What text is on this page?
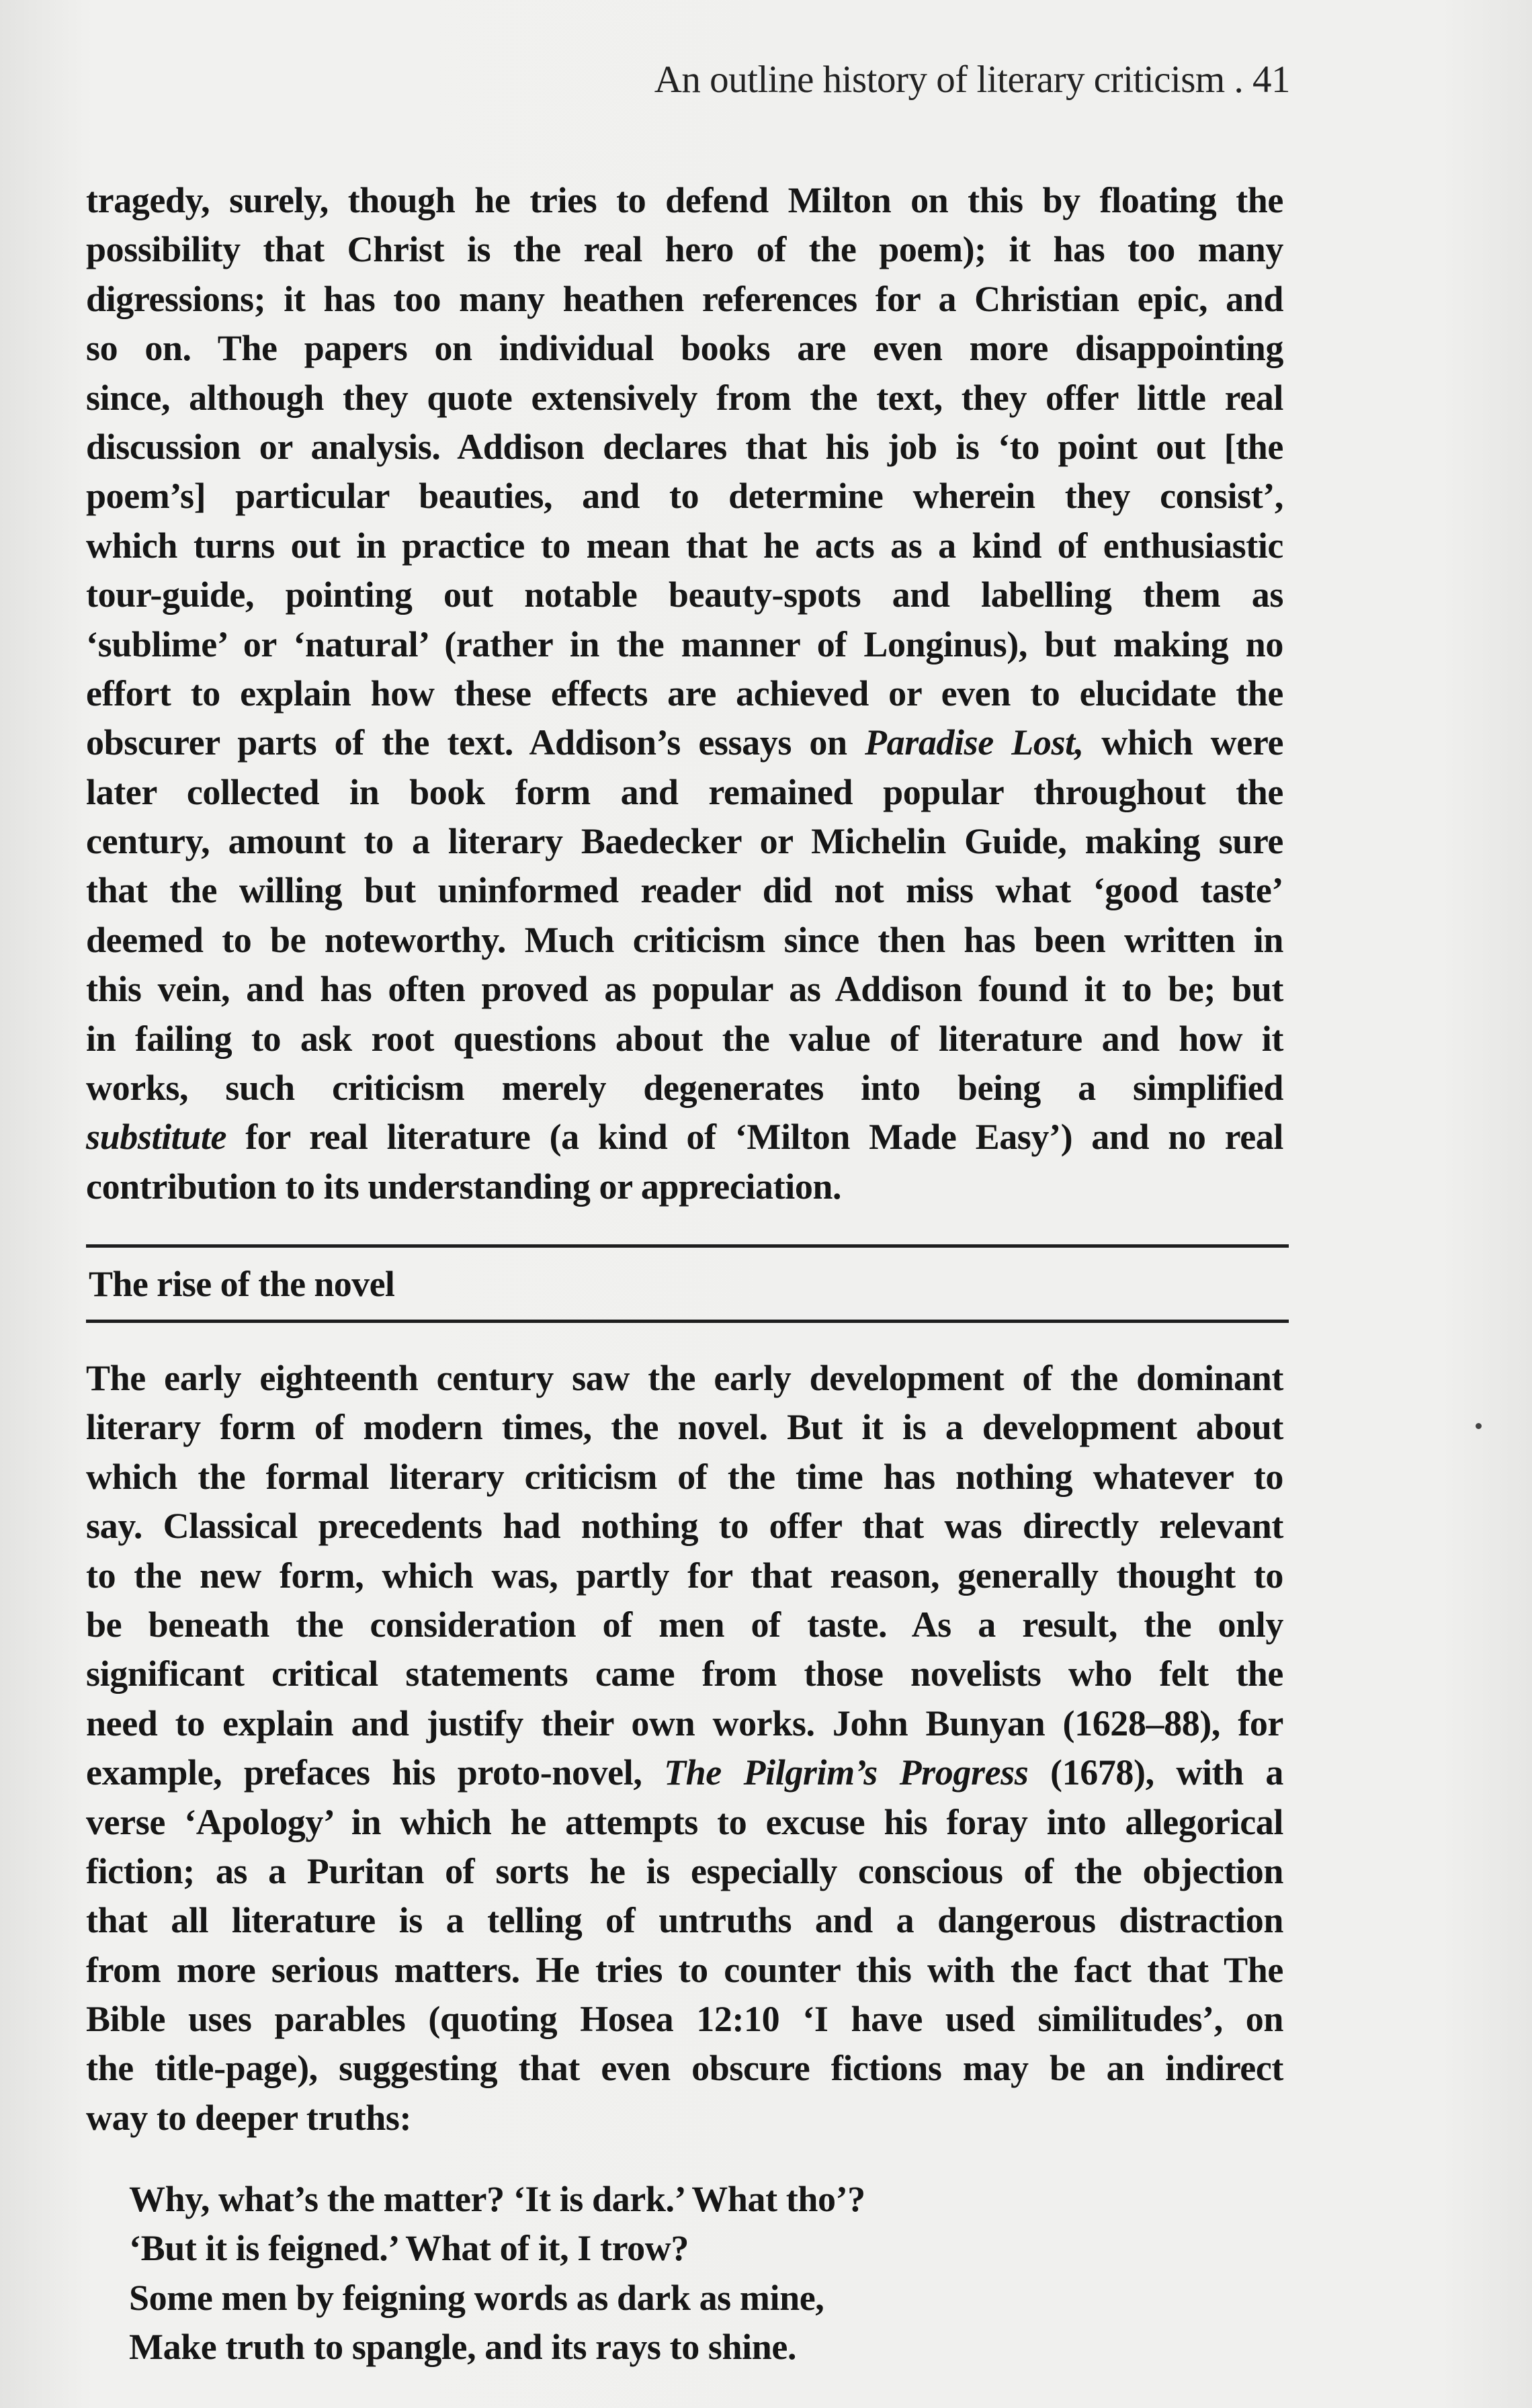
An outline history of literary criticism . 41
tragedy, surely, though he tries to defend Milton on this by floating the
possibility that Christ is the real hero of the poem); it has too many
digressions; it has too many heathen references for a Christian epic, and
so on. The papers on individual books are even more disappointing
since, although they quote extensively from the text, they offer little real
discussion or analysis. Addison declares that his job is ‘to point out [the
poem’s] particular beauties, and to determine wherein they consist’,
which turns out in practice to mean that he acts as a kind of enthusiastic
tour-guide, pointing out notable beauty-spots and labelling them as
‘sublime’ or ‘natural’ (rather in the manner of Longinus), but making no
effort to explain how these effects are achieved or even to elucidate the
obscurer parts of the text. Addison’s essays on Paradise Lost, which were
later collected in book form and remained popular throughout the
century, amount to a literary Baedecker or Michelin Guide, making sure
that the willing but uninformed reader did not miss what ‘good taste’
deemed to be noteworthy. Much criticism since then has been written in
this vein, and has often proved as popular as Addison found it to be; but
in failing to ask root questions about the value of literature and how it
works, such criticism merely degenerates into being a simplified
substitute for real literature (a kind of ‘Milton Made Easy’) and no real
contribution to its understanding or appreciation.
The rise of the novel
The early eighteenth century saw the early development of the dominant
literary form of modern times, the novel. But it is a development about
which the formal literary criticism of the time has nothing whatever to
say. Classical precedents had nothing to offer that was directly relevant
to the new form, which was, partly for that reason, generally thought to
be beneath the consideration of men of taste. As a result, the only
significant critical statements came from those novelists who felt the
need to explain and justify their own works. John Bunyan (1628–88), for
example, prefaces his proto-novel, The Pilgrim’s Progress (1678), with a
verse ‘Apology’ in which he attempts to excuse his foray into allegorical
fiction; as a Puritan of sorts he is especially conscious of the objection
that all literature is a telling of untruths and a dangerous distraction
from more serious matters. He tries to counter this with the fact that The
Bible uses parables (quoting Hosea 12:10 ‘I have used similitudes’, on
the title-page), suggesting that even obscure fictions may be an indirect
way to deeper truths:
Why, what’s the matter? ‘It is dark.’ What tho’?
‘But it is feigned.’ What of it, I trow?
Some men by feigning words as dark as mine,
Make truth to spangle, and its rays to shine.
